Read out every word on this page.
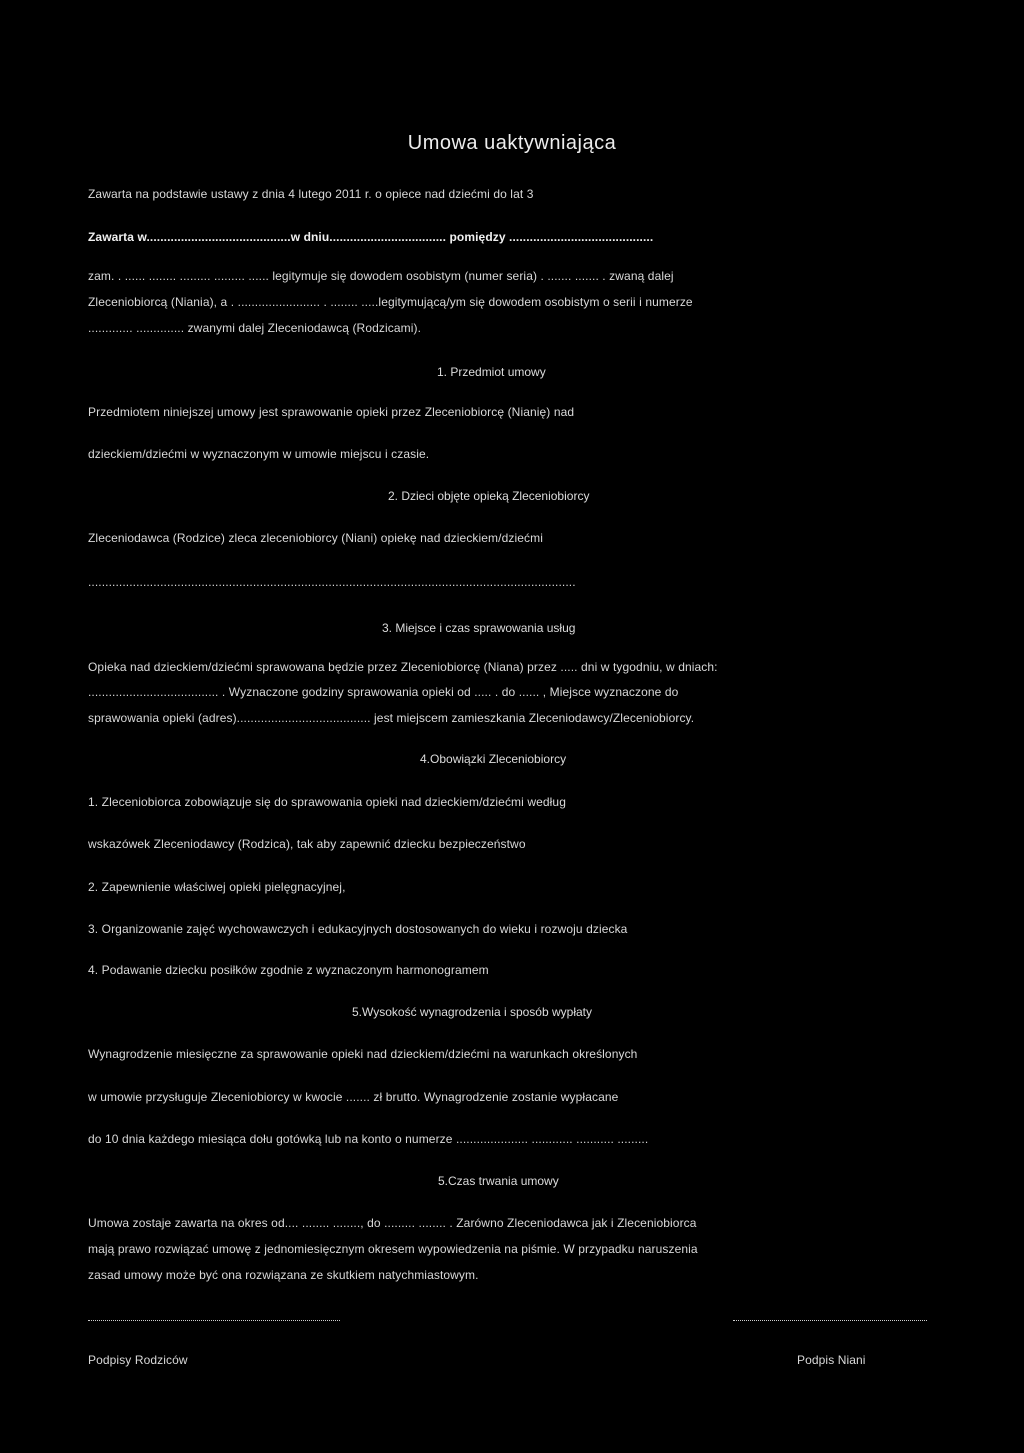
Umowa uaktywniająca
Zawarta na podstawie ustawy z dnia 4 lutego 2011 r. o opiece nad dziećmi do lat 3
Zawarta w..........................................w dniu.................................. pomiędzy ..........................................
zam. . ...... ........ ......... ......... ...... legitymuje się dowodem osobistym (numer seria) . ....... ....... . zwaną dalej
Zleceniobiorcą (Niania), a . ........................ . ........ .....legitymującą/ym się dowodem osobistym o serii i numerze
............. .............. zwanymi dalej Zleceniodawcą (Rodzicami).
1. Przedmiot umowy
Przedmiotem niniejszej umowy jest sprawowanie opieki przez Zleceniobiorcę (Nianię) nad
dzieckiem/dziećmi w wyznaczonym w umowie miejscu i czasie.
2. Dzieci objęte opieką Zleceniobiorcy
Zleceniodawca (Rodzice) zleca zleceniobiorcy (Niani) opiekę nad dzieckiem/dziećmi
..............................................................................................................................................
3. Miejsce i czas sprawowania usług
Opieka nad dzieckiem/dziećmi sprawowana będzie przez Zleceniobiorcę (Niana) przez ..... dni w tygodniu, w dniach:
...................................... . Wyznaczone godziny sprawowania opieki od ..... . do ...... , Miejsce wyznaczone do
sprawowania opieki (adres)....................................... jest miejscem zamieszkania Zleceniodawcy/Zleceniobiorcy.
4.Obowiązki Zleceniobiorcy
1. Zleceniobiorca zobowiązuje się do sprawowania opieki nad dzieckiem/dziećmi według
wskazówek Zleceniodawcy (Rodzica), tak aby zapewnić dziecku bezpieczeństwo
2. Zapewnienie właściwej opieki pielęgnacyjnej,
3. Organizowanie zajęć wychowawczych i edukacyjnych dostosowanych do wieku i rozwoju dziecka
4. Podawanie dziecku posiłków zgodnie z wyznaczonym harmonogramem
5.Wysokość wynagrodzenia i sposób wypłaty
Wynagrodzenie miesięczne za sprawowanie opieki nad dzieckiem/dziećmi na warunkach określonych
w umowie przysługuje Zleceniobiorcy w kwocie ....... zł brutto. Wynagrodzenie zostanie wypłacane
do 10 dnia każdego miesiąca dołu gotówką lub na konto o numerze ..................... ............ ........... .........
5.Czas trwania umowy
Umowa zostaje zawarta na okres od.... ........ ........, do ......... ........ . Zarówno Zleceniodawca jak i Zleceniobiorca
mają prawo rozwiązać umowę z jednomiesięcznym okresem wypowiedzenia na piśmie. W przypadku naruszenia
zasad umowy może być ona rozwiązana ze skutkiem natychmiastowym.
Podpisy Rodziców	Podpis Niani
